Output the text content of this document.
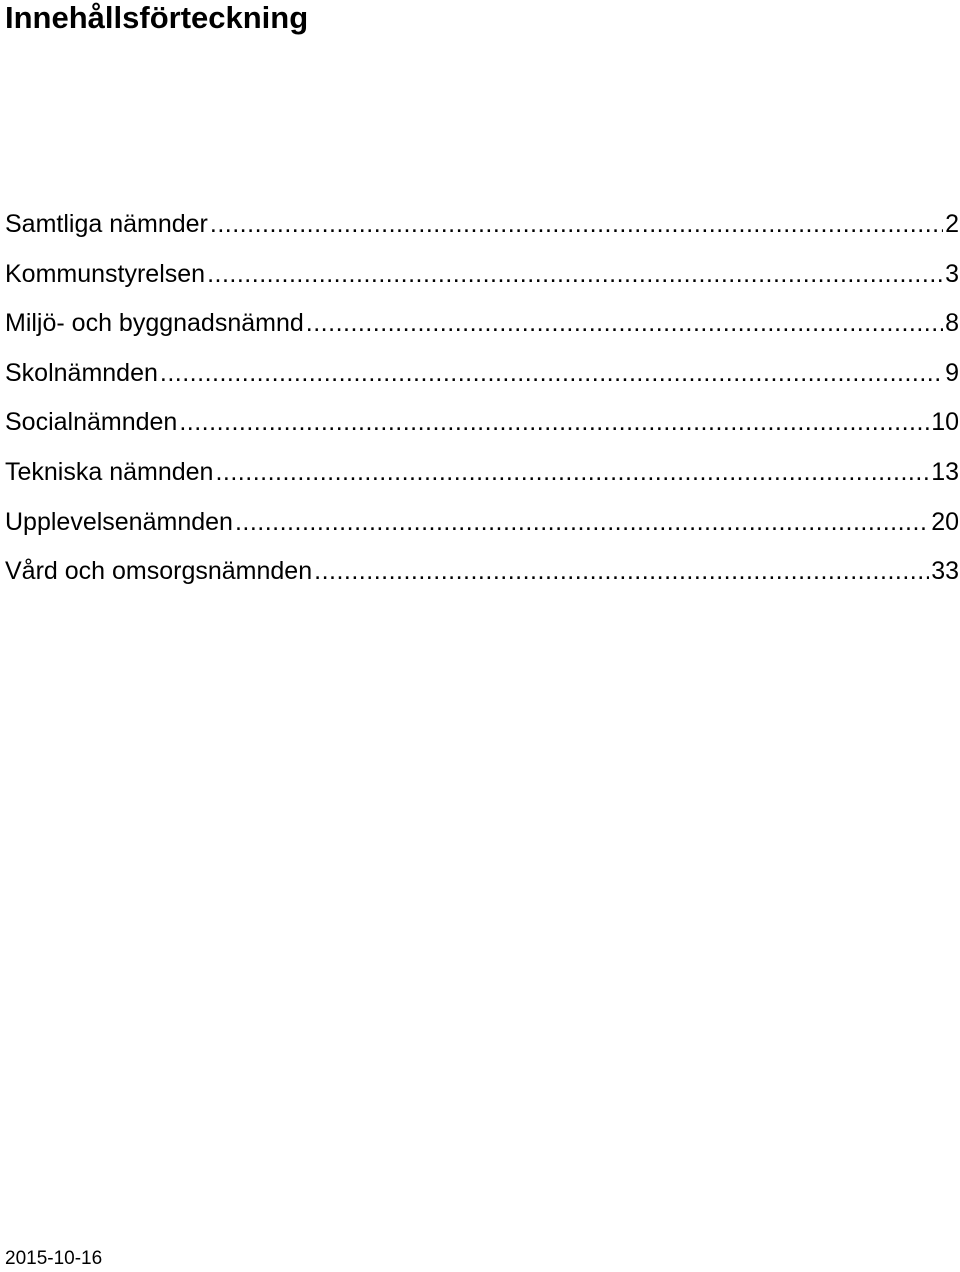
Innehållsförteckning
Samtliga nämnder .....	2
Kommunstyrelsen .....	3
Miljö- och byggnadsnämnd .....	8
Skolnämnden .....	9
Socialnämnden .....	10
Tekniska nämnden .....	13
Upplevelsenämnden .....	20
Vård och omsorgsnämnden .....	33
2015-10-16
